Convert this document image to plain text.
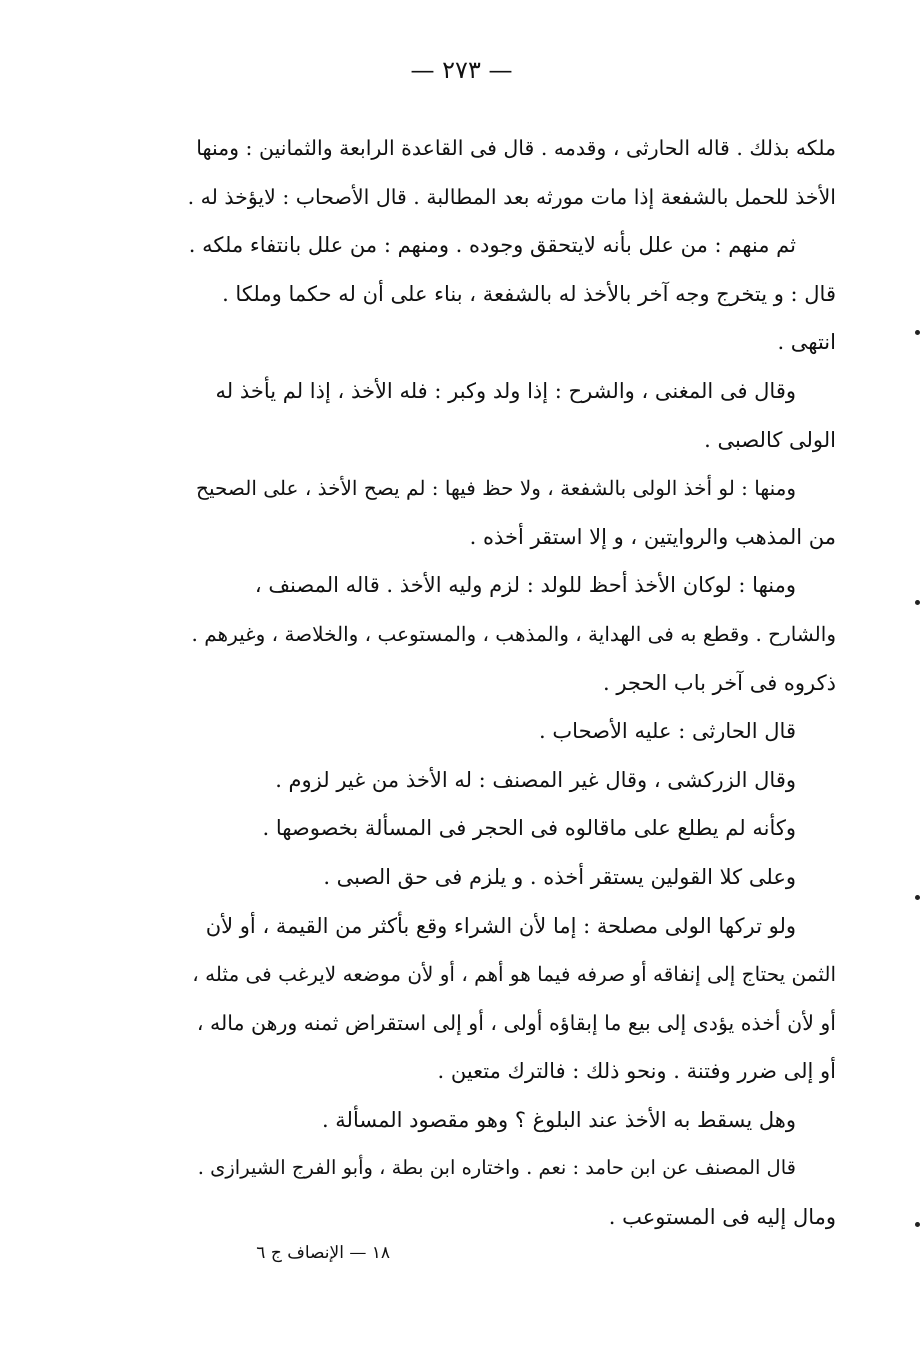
— ٢٧٣ —
ملكه بذلك . قاله الحارثى ، وقدمه . قال فى القاعدة الرابعة والثمانين : ومنها
الأخذ للحمل بالشفعة إذا مات مورثه بعد المطالبة . قال الأصحاب : لايؤخذ له .
ثم منهم : من علل بأنه لايتحقق وجوده . ومنهم : من علل بانتفاء ملكه .
قال : و يتخرج وجه آخر بالأخذ له بالشفعة ، بناء على أن له حكما وملكا .
انتهى .
وقال فى المغنى ، والشرح : إذا ولد وكبر : فله الأخذ ، إذا لم يأخذ له
الولى كالصبى .
ومنها : لو أخذ الولى بالشفعة ، ولا حظ فيها : لم يصح الأخذ ، على الصحيح
من المذهب والروايتين ، و إلا استقر أخذه .
ومنها : لوكان الأخذ أحظ للولد : لزم وليه الأخذ . قاله المصنف ،
والشارح . وقطع به فى الهداية ، والمذهب ، والمستوعب ، والخلاصة ، وغيرهم .
ذكروه فى آخر باب الحجر .
قال الحارثى : عليه الأصحاب .
وقال الزركشى ، وقال غير المصنف : له الأخذ من غير لزوم .
وكأنه لم يطلع على ماقالوه فى الحجر فى المسألة بخصوصها .
وعلى كلا القولين يستقر أخذه . و يلزم فى حق الصبى .
ولو تركها الولى مصلحة : إما لأن الشراء وقع بأكثر من القيمة ، أو لأن
الثمن يحتاج إلى إنفاقه أو صرفه فيما هو أهم ، أو لأن موضعه لايرغب فى مثله ،
أو لأن أخذه يؤدى إلى بيع ما إبقاؤه أولى ، أو إلى استقراض ثمنه ورهن ماله ،
أو إلى ضرر وفتنة . ونحو ذلك : فالترك متعين .
وهل يسقط به الأخذ عند البلوغ ؟ وهو مقصود المسألة .
قال المصنف عن ابن حامد : نعم . واختاره ابن بطة ، وأبو الفرج الشيرازى .
ومال إليه فى المستوعب .
١٨ — الإنصاف ج ٦
